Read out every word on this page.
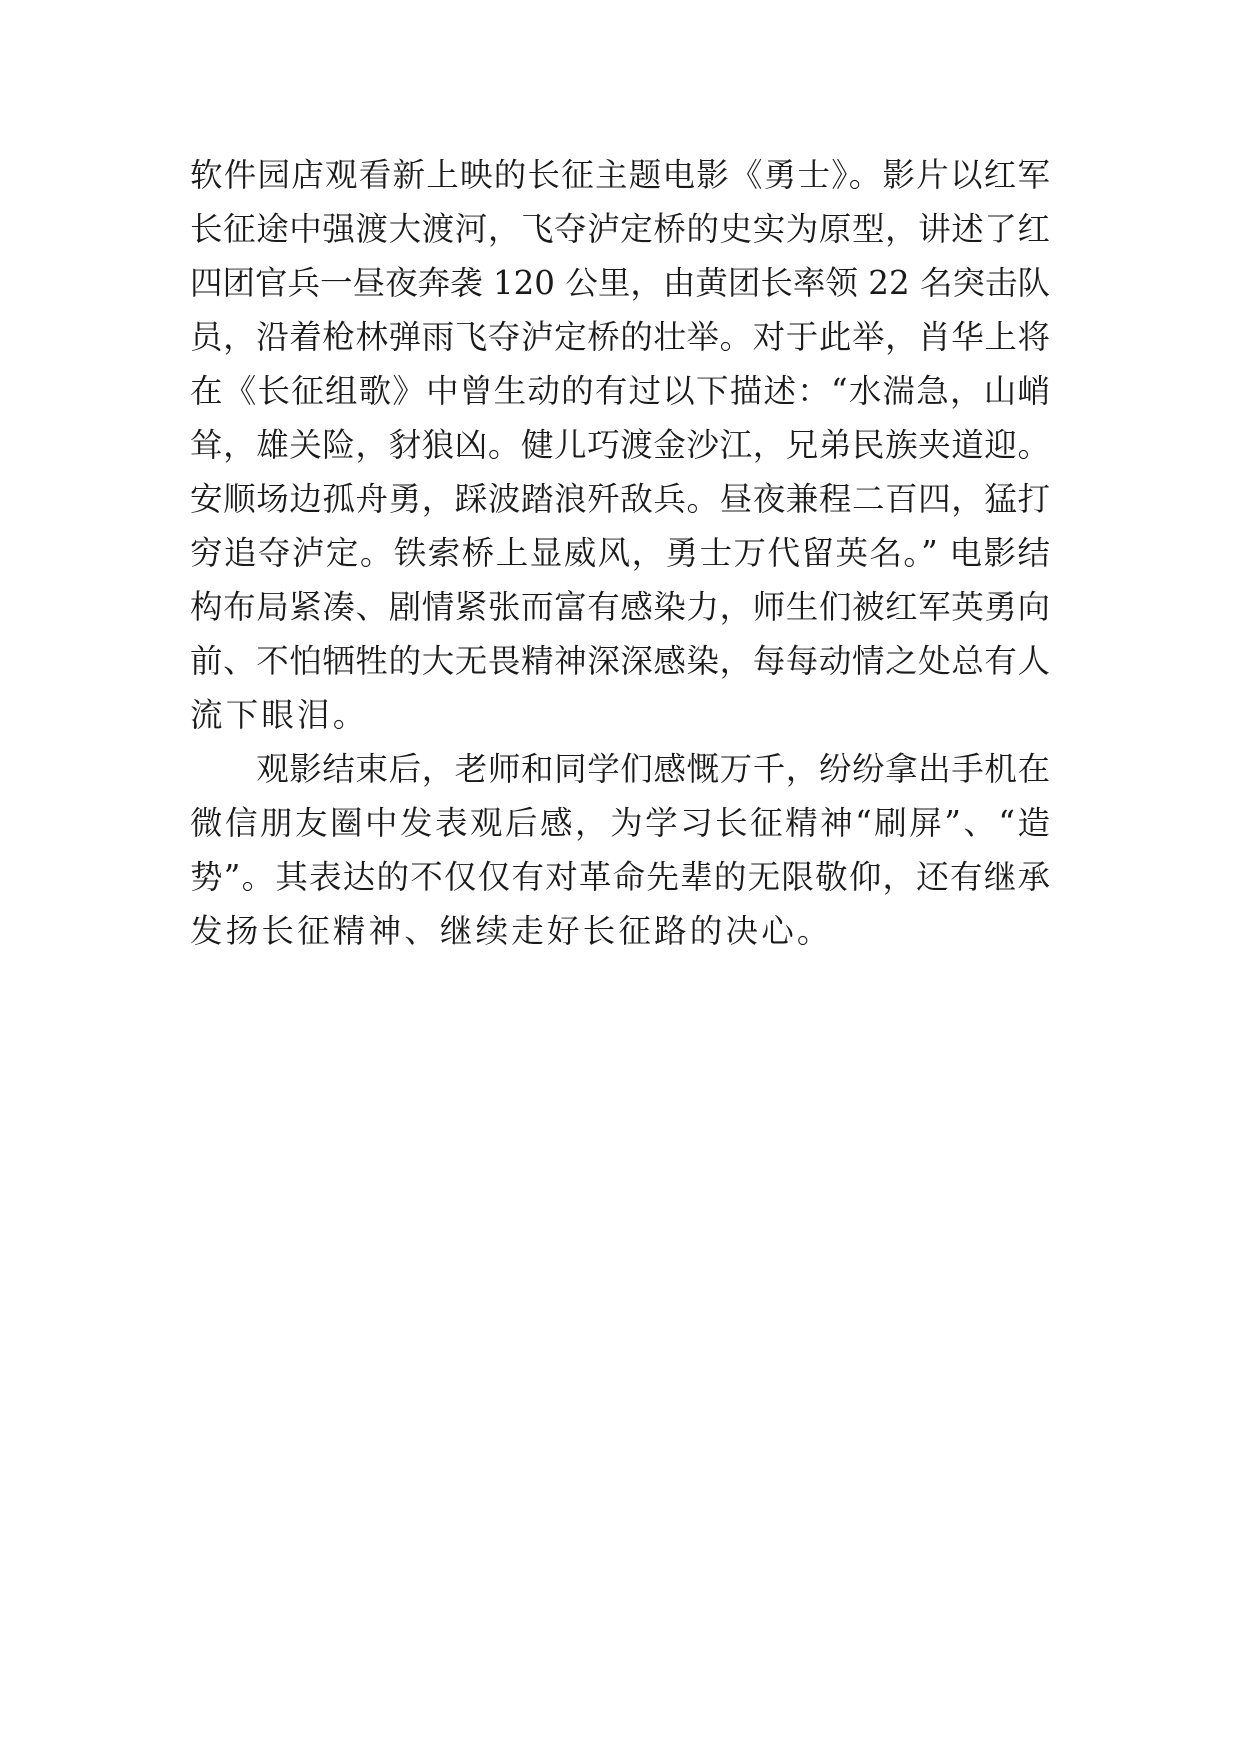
软件园店观看新上映的长征主题电影《勇士》。影片以红军
长征途中强渡大渡河，飞夺泸定桥的史实为原型，讲述了红
四团官兵一昼夜奔袭 120 公里，由黄团长率领 22 名突击队
员，沿着枪林弹雨飞夺泸定桥的壮举。对于此举，肖华上将
在《长征组歌》中曾生动的有过以下描述：“水湍急，山峭
耸，雄关险，豺狼凶。健儿巧渡金沙江，兄弟民族夹道迎。
安顺场边孤舟勇，踩波踏浪歼敌兵。昼夜兼程二百四，猛打
穷追夺泸定。铁索桥上显威风，勇士万代留英名。” 电影结
构布局紧凑、剧情紧张而富有感染力，师生们被红军英勇向
前、不怕牺牲的大无畏精神深深感染，每每动情之处总有人
流下眼泪。
　　观影结束后，老师和同学们感慨万千，纷纷拿出手机在
微信朋友圈中发表观后感，为学习长征精神“刷屏”、“造
势”。其表达的不仅仅有对革命先辈的无限敬仰，还有继承
发扬长征精神、继续走好长征路的决心。
